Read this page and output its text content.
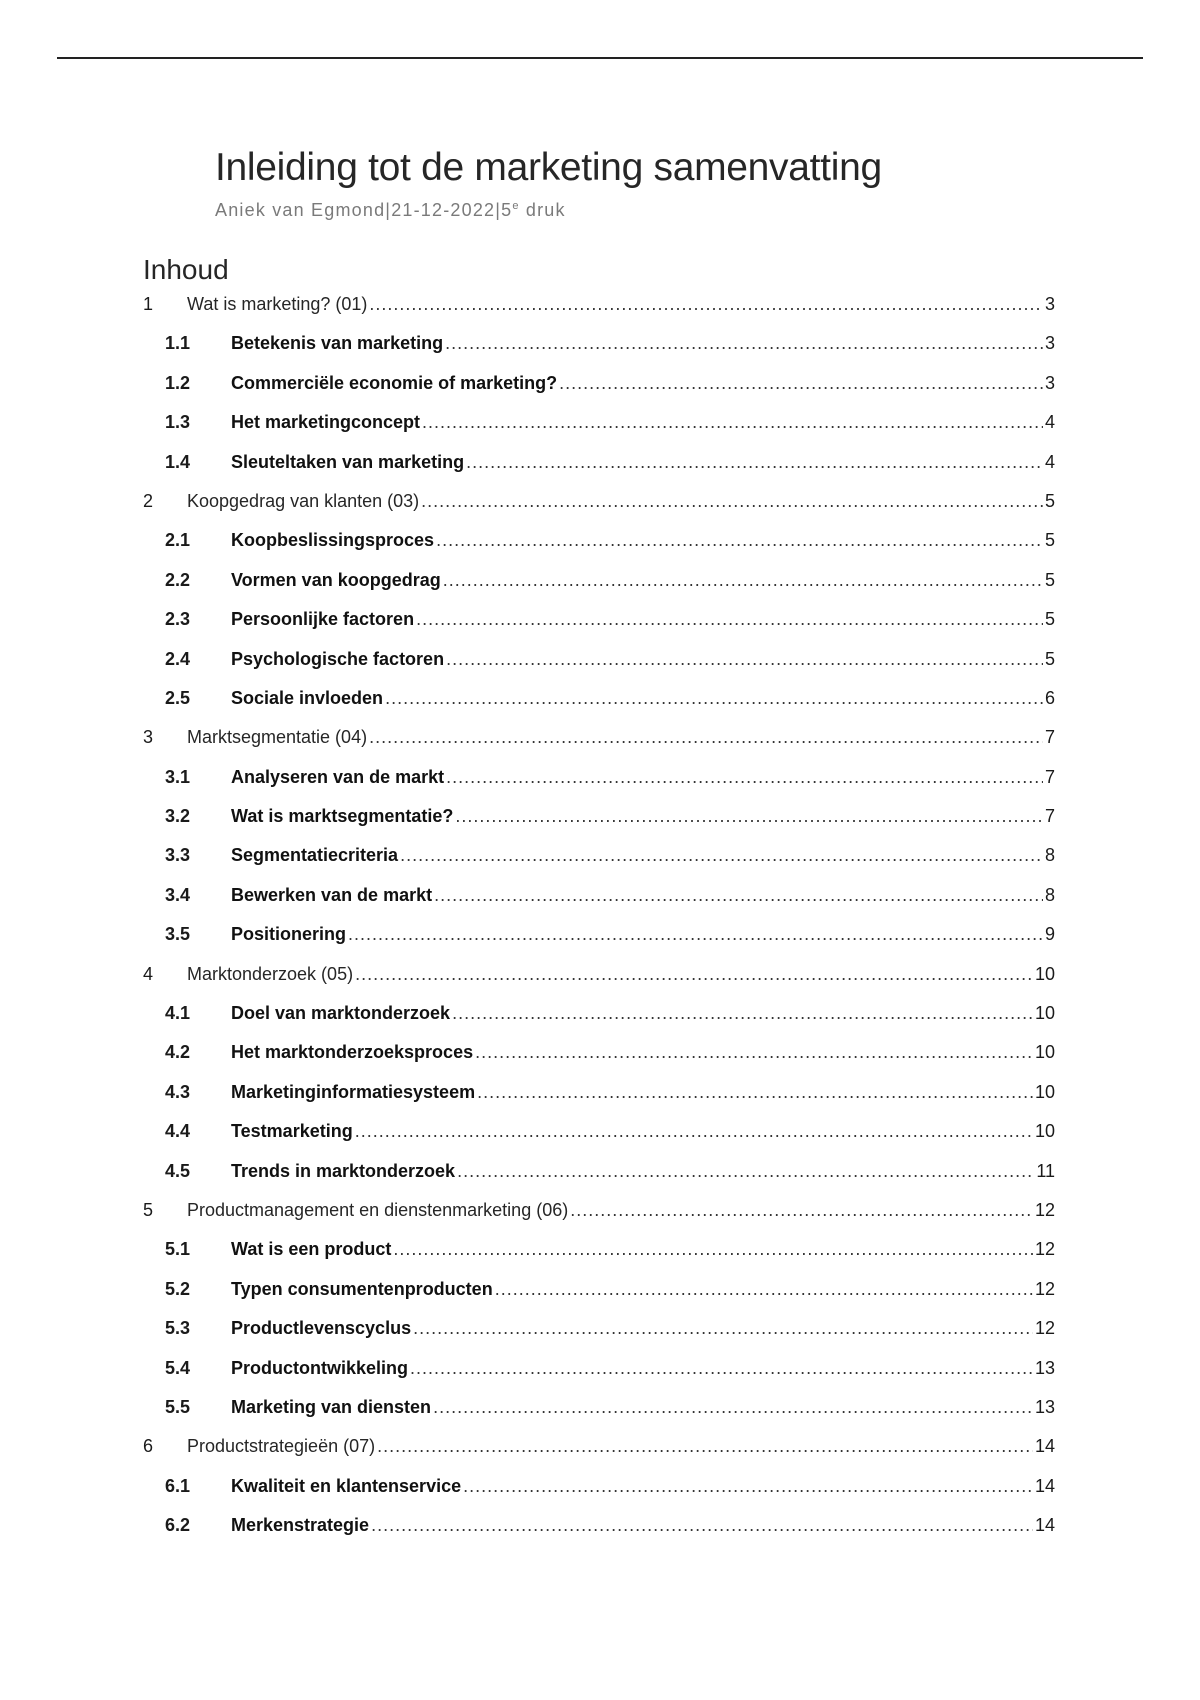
Inleiding tot de marketing samenvatting
Aniek van Egmond|21-12-2022|5e druk
Inhoud
1	Wat is marketing? (01) .....	3
1.1	Betekenis van marketing .....	3
1.2	Commerciële economie of marketing? .....	3
1.3	Het marketingconcept .....	4
1.4	Sleuteltaken van marketing .....	4
2	Koopgedrag van klanten (03) .....	5
2.1	Koopbeslissingsproces .....	5
2.2	Vormen van koopgedrag .....	5
2.3	Persoonlijke factoren .....	5
2.4	Psychologische factoren .....	5
2.5	Sociale invloeden .....	6
3	Marktsegmentatie (04) .....	7
3.1	Analyseren van de markt .....	7
3.2	Wat is marktsegmentatie? .....	7
3.3	Segmentatiecriteria .....	8
3.4	Bewerken van de markt .....	8
3.5	Positionering .....	9
4	Marktonderzoek (05) .....	10
4.1	Doel van marktonderzoek .....	10
4.2	Het marktonderzoeksproces .....	10
4.3	Marketinginformatiesysteem .....	10
4.4	Testmarketing .....	10
4.5	Trends in marktonderzoek .....	11
5	Productmanagement en dienstenmarketing (06) .....	12
5.1	Wat is een product .....	12
5.2	Typen consumentenproducten .....	12
5.3	Productlevenscyclus .....	12
5.4	Productontwikkeling .....	13
5.5	Marketing van diensten .....	13
6	Productstrategieën (07) .....	14
6.1	Kwaliteit en klantenservice .....	14
6.2	Merkenstrategie .....	14
